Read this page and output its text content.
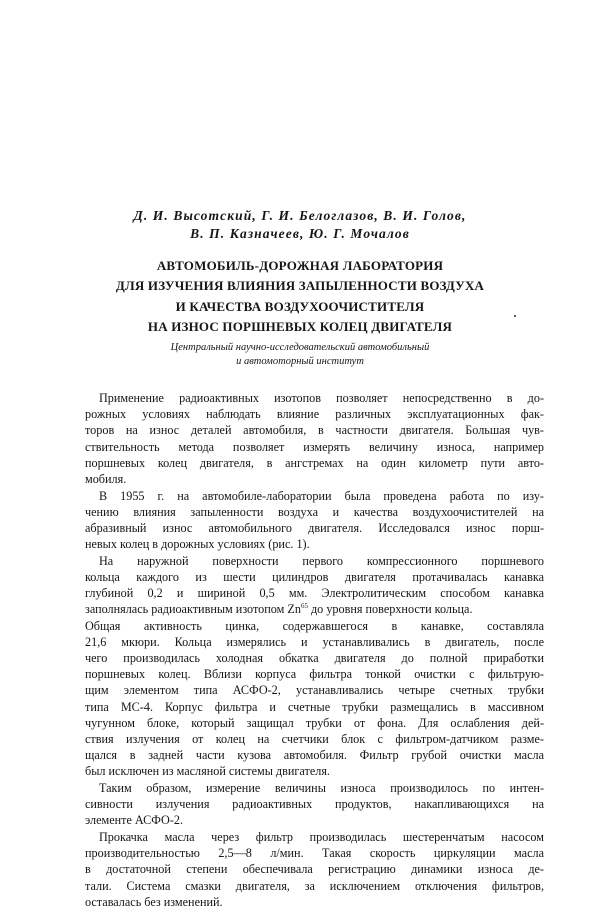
Д. И. Высотский, Г. И. Белоглазов, В. И. Голов,
В. П. Казначеев, Ю. Г. Мочалов
АВТОМОБИЛЬ-ДОРОЖНАЯ ЛАБОРАТОРИЯ
ДЛЯ ИЗУЧЕНИЯ ВЛИЯНИЯ ЗАПЫЛЕННОСТИ ВОЗДУХА
И КАЧЕСТВА ВОЗДУХООЧИСТИТЕЛЯ
НА ИЗНОС ПОРШНЕВЫХ КОЛЕЦ ДВИГАТЕЛЯ
Центральный научно-исследовательский автомобильный
и автомоторный институт
Применение радиоактивных изотопов позволяет непосредственно в до-
рожных условиях наблюдать влияние различных эксплуатационных фак-
торов на износ деталей автомобиля, в частности двигателя. Большая чув-
ствительность метода позволяет измерять величину износа, например
поршневых колец двигателя, в ангстремах на один километр пути авто-
мобиля.
В 1955 г. на автомобиле-лаборатории была проведена работа по изу-
чению влияния запыленности воздуха и качества воздухоочистителей на
абразивный износ автомобильного двигателя. Исследовался износ порш-
невых колец в дорожных условиях (рис. 1).
На наружной поверхности первого компрессионного поршневого
кольца каждого из шести цилиндров двигателя протачивалась канавка
глубиной 0,2 и шириной 0,5 мм. Электролитическим способом канавка
заполнялась радиоактивным изотопом Zn$^{65}$ до уровня поверхности кольца.
Общая активность цинка, содержавшегося в канавке, составляла
21,6 мкюри. Кольца измерялись и устанавливались в двигатель, после
чего производилась холодная обкатка двигателя до полной приработки
поршневых колец. Вблизи корпуса фильтра тонкой очистки с фильтрую-
щим элементом типа АСФО-2, устанавливались четыре счетных трубки
типа МС-4. Корпус фильтра и счетные трубки размещались в массивном
чугунном блоке, который защищал трубки от фона. Для ослабления дей-
ствия излучения от колец на счетчики блок с фильтром-датчиком разме-
щался в задней части кузова автомобиля. Фильтр грубой очистки масла
был исключен из масляной системы двигателя.
Таким образом, измерение величины износа производилось по интен-
сивности излучения радиоактивных продуктов, накапливающихся на
элементе АСФО-2.
Прокачка масла через фильтр производилась шестеренчатым насосом
производительностью 2,5—8 л/мин. Такая скорость циркуляции масла
в достаточной степени обеспечивала регистрацию динамики износа де-
тали. Система смазки двигателя, за исключением отключения фильтров,
оставалась без изменений.
